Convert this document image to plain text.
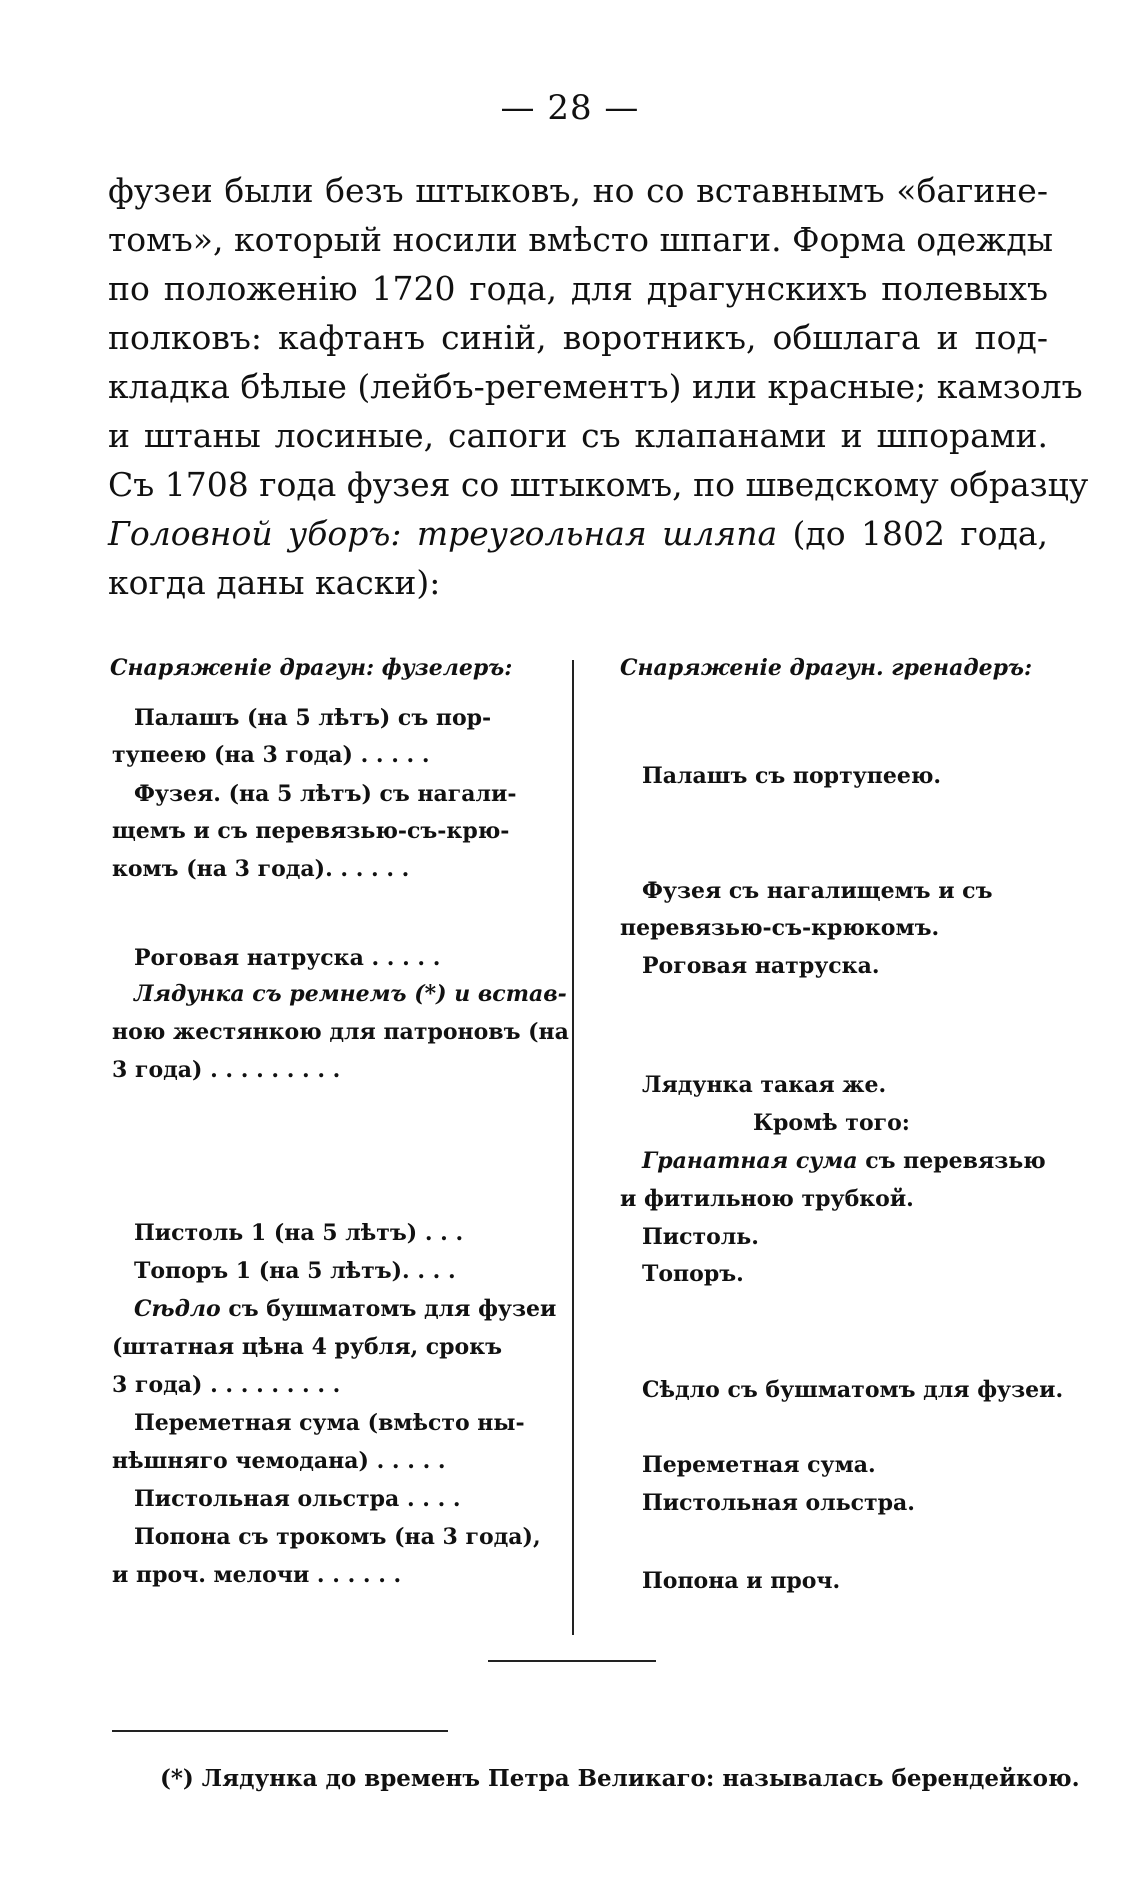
— 28 —
фузеи были безъ штыковъ, но со вставнымъ «багине-
томъ», который носили вмѣсто шпаги. Форма одежды
по положенію 1720 года, для драгунскихъ полевыхъ
полковъ: кафтанъ синій, воротникъ, обшлага и под-
кладка бѣлые (лейбъ-регементъ) или красные; камзолъ
и штаны лосиные, сапоги съ клапанами и шпорами.
Съ 1708 года фузея со штыкомъ, по шведскому образцу
Головной уборъ: треугольная шляпа (до 1802 года,
когда даны каски):
Снаряженіе драгун: фузелеръ:
Палашъ (на 5 лѣтъ) съ пор-
тупеею (на 3 года) . . . . .
Фузея. (на 5 лѣтъ) съ нагали-
щемъ и съ перевязью-съ-крю-
комъ (на 3 года). . . . . .
Роговая натруска . . . . .
Лядунка съ ремнемъ (*) и встав-
ною жестянкою для патроновъ (на
3 года) . . . . . . . . .
Пистоль 1 (на 5 лѣтъ) . . .
Топоръ 1 (на 5 лѣтъ). . . .
Сѣдло съ бушматомъ для фузеи
(штатная цѣна 4 рубля, срокъ
3 года) . . . . . . . . .
Переметная сума (вмѣсто ны-
нѣшняго чемодана) . . . . .
Пистольная ольстра . . . .
Попона съ трокомъ (на 3 года),
и проч. мелочи . . . . . .
Снаряженіе драгун. гренадеръ:
Палашъ съ портупеею.
Фузея съ нагалищемъ и съ
перевязью-съ-крюкомъ.
Роговая натруска.
Лядунка такая же.
Кромѣ того:
Гранатная сума съ перевязью
и фитильною трубкой.
Пистоль.
Топоръ.
Сѣдло съ бушматомъ для фузеи.
Переметная сума.
Пистольная ольстра.
Попона и проч.
(*) Лядунка до временъ Петра Великаго: называлась берендейкою.
